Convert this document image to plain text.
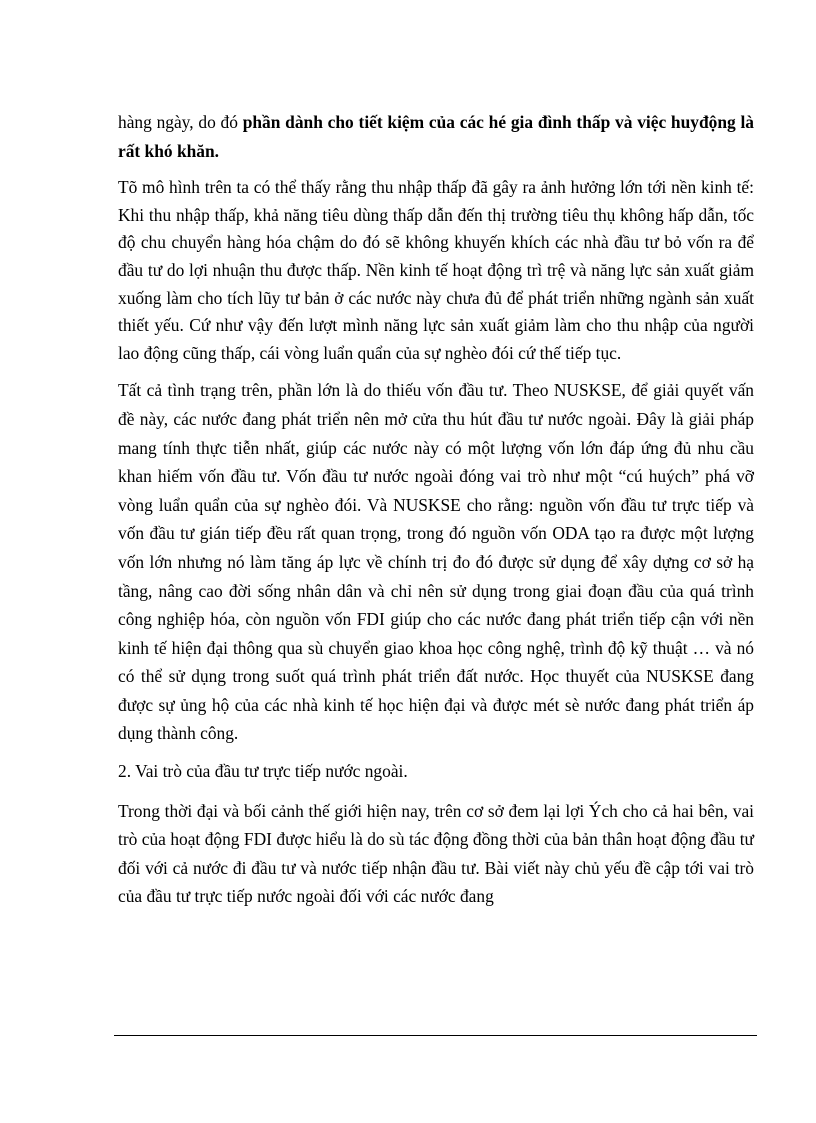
hàng ngày, do đó phần dành cho tiết kiệm của các hé gia đình thấp và việc huyđộng là rất khó khăn.

Tõ mô hình trên ta có thể thấy rằng thu nhập thấp đã gây ra ảnh hưởng lớn tới nền kinh tế: Khi thu nhập thấp, khả năng tiêu dùng thấp dẫn đến thị trường tiêu thụ không hấp dẫn, tốc độ chu chuyển hàng hóa chậm do đó sẽ không khuyến khích các nhà đầu tư bỏ vốn ra để đầu tư do lợi nhuận thu được thấp. Nền kinh tế hoạt động trì trệ và năng lực sản xuất giảm xuống làm cho tích lũy tư bản ở các nước này chưa đủ để phát triển những ngành sản xuất thiết yếu. Cứ như vậy đến lượt mình năng lực sản xuất giảm làm cho thu nhập của người lao động cũng thấp, cái vòng luẩn quẩn của sự nghèo đói cứ thế tiếp tục.

Tất cả tình trạng trên, phần lớn là do thiếu vốn đầu tư. Theo NUSKSE, để giải quyết vấn đề này, các nước đang phát triển nên mở cửa thu hút đầu tư nước ngoài. Đây là giải pháp mang tính thực tiễn nhất, giúp các nước này có một lượng vốn lớn đáp ứng đủ nhu cầu khan hiếm vốn đầu tư. Vốn đầu tư nước ngoài đóng vai trò như một “cú huých” phá vỡ vòng luẩn quẩn của sự nghèo đói. Và NUSKSE cho rằng: nguồn vốn đầu tư trực tiếp và vốn đầu tư gián tiếp đều rất quan trọng, trong đó nguồn vốn ODA tạo ra được một lượng vốn lớn nhưng nó làm tăng áp lực về chính trị đo đó được sử dụng để xây dựng cơ sở hạ tầng, nâng cao đời sống nhân dân và chỉ nên sử dụng trong giai đoạn đầu của quá trình công nghiệp hóa, còn nguồn vốn FDI giúp cho các nước đang phát triển tiếp cận với nền kinh tế hiện đại thông qua sù chuyển giao khoa học công nghệ, trình độ kỹ thuật … và nó có thể sử dụng trong suốt quá trình phát triển đất nước. Học thuyết của NUSKSE đang được sự ủng hộ của các nhà kinh tế học hiện đại và được mét sè nước đang phát triển áp dụng thành công.

2. Vai trò của đầu tư trực tiếp nước ngoài.

Trong thời đại và bối cảnh thế giới hiện nay, trên cơ sở đem lại lợi Ých cho cả hai bên, vai trò của hoạt động FDI được hiểu là do sù tác động đồng thời của bản thân hoạt động đầu tư đối với cả nước đi đầu tư và nước tiếp nhận đầu tư. Bài viết này chủ yếu đề cập tới vai trò của đầu tư trực tiếp nước ngoài đối với các nước đang
